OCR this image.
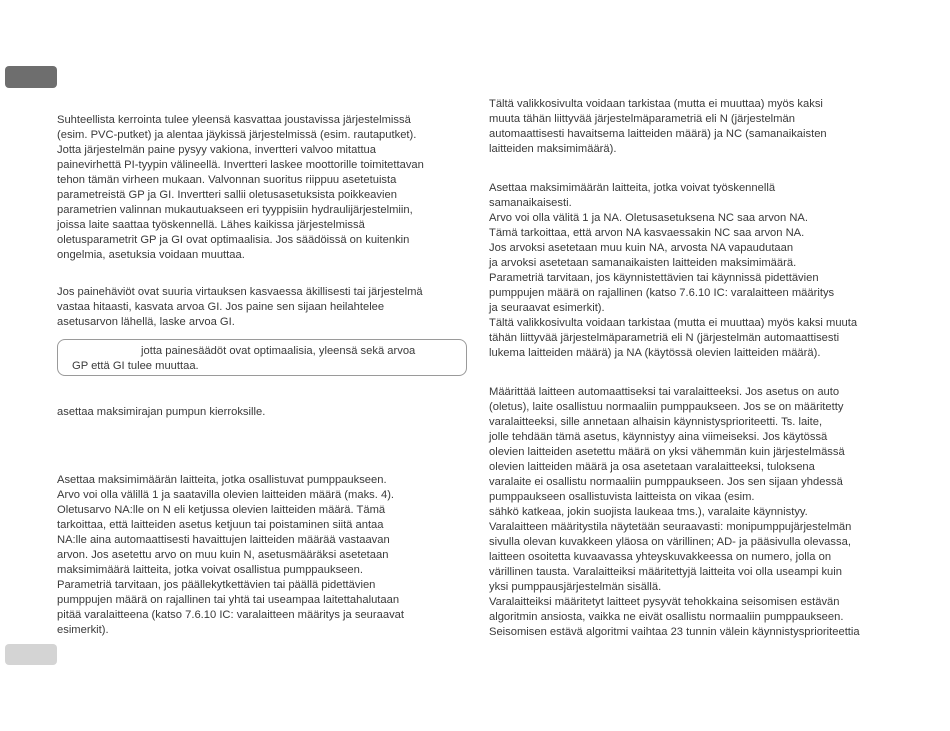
Suhteellista kerrointa tulee yleensä kasvattaa joustavissa järjestelmissä

(esim. PVC-putket) ja alentaa jäykissä järjestelmissä (esim. rautaputket).

Jotta järjestelmän paine pysyy vakiona, invertteri valvoo mitattua

painevirhettä PI-tyypin välineellä. Invertteri laskee moottorille toimitettavan

tehon tämän virheen mukaan. Valvonnan suoritus riippuu asetetuista

parametreistä GP ja GI. Invertteri sallii oletusasetuksista poikkeavien

parametrien valinnan mukautuakseen eri tyyppisiin hydraulijärjestelmiin,

joissa laite saattaa työskennellä. Lähes kaikissa järjestelmissä

oletusparametrit GP ja GI ovat optimaalisia. Jos säädöissä on kuitenkin

ongelmia, asetuksia voidaan muuttaa.

Jos painehäviöt ovat suuria virtauksen kasvaessa äkillisesti tai järjestelmä

vastaa hitaasti, kasvata arvoa GI. Jos paine sen sijaan heilahtelee

asetusarvon lähellä, laske arvoa GI.

jotta painesäädöt ovat optimaalisia, yleensä sekä arvoa
GP että GI tulee muuttaa.

asettaa maksimirajan pumpun kierroksille.

Asettaa maksimimäärän laitteita, jotka osallistuvat pumppaukseen.

Arvo voi olla välillä 1 ja saatavilla olevien laitteiden määrä (maks. 4).

Oletusarvo NA:lle on N eli ketjussa olevien laitteiden määrä. Tämä

tarkoittaa, että laitteiden asetus ketjuun tai poistaminen siitä antaa

NA:lle aina automaattisesti havaittujen laitteiden määrää vastaavan

arvon. Jos asetettu arvo on muu kuin N, asetusmääräksi asetetaan

maksimimäärä laitteita, jotka voivat osallistua pumppaukseen.

Parametriä tarvitaan, jos päällekytkettävien tai päällä pidettävien

pumppujen määrä on rajallinen tai yhtä tai useampaa laitettahalutaan

pitää varalaitteena (katso 7.6.10 IC: varalaitteen määritys ja seuraavat

esimerkit).

Tältä valikkosivulta voidaan tarkistaa (mutta ei muuttaa) myös kaksi

muuta tähän liittyvää järjestelmäparametriä eli N (järjestelmän

automaattisesti havaitsema laitteiden määrä) ja NC (samanaikaisten

laitteiden maksimimäärä).

Asettaa maksimimäärän laitteita, jotka voivat työskennellä

samanaikaisesti.

Arvo voi olla välitä 1 ja NA. Oletusasetuksena NC saa arvon NA.

Tämä tarkoittaa, että arvon NA kasvaessakin NC saa arvon NA.

Jos arvoksi asetetaan muu kuin NA, arvosta NA vapaudutaan

ja arvoksi asetetaan samanaikaisten laitteiden maksimimäärä.

Parametriä tarvitaan, jos käynnistettävien tai käynnissä pidettävien

pumppujen määrä on rajallinen (katso 7.6.10 IC: varalaitteen määritys

ja seuraavat esimerkit).

Tältä valikkosivulta voidaan tarkistaa (mutta ei muuttaa) myös kaksi muuta

tähän liittyvää järjestelmäparametriä eli N (järjestelmän automaattisesti

lukema laitteiden määrä) ja NA (käytössä olevien laitteiden määrä).

Määrittää laitteen automaattiseksi tai varalaitteeksi. Jos asetus on auto

(oletus), laite osallistuu normaaliin pumppaukseen. Jos se on määritetty

varalaitteeksi, sille annetaan alhaisin käynnistysprioriteetti. Ts. laite,

jolle tehdään tämä asetus, käynnistyy aina viimeiseksi. Jos käytössä

olevien laitteiden asetettu määrä on yksi vähemmän kuin järjestelmässä

olevien laitteiden määrä ja osa asetetaan varalaitteeksi, tuloksena

varalaite ei osallistu normaaliin pumppaukseen. Jos sen sijaan yhdessä

pumppaukseen osallistuvista laitteista on vikaa (esim.

sähkö katkeaa, jokin suojista laukeaa tms.), varalaite käynnistyy.

Varalaitteen määritystila näytetään seuraavasti: monipumppujärjestelmän

sivulla olevan kuvakkeen yläosa on värillinen; AD- ja pääsivulla olevassa,

laitteen osoitetta kuvaavassa yhteyskuvakkeessa on numero, jolla on

värillinen tausta. Varalaitteiksi määritettyjä laitteita voi olla useampi kuin

yksi pumppausjärjestelmän sisällä.

Varalaitteiksi määritetyt laitteet pysyvät tehokkaina seisomisen estävän

algoritmin ansiosta, vaikka ne eivät osallistu normaaliin pumppaukseen.

Seisomisen estävä algoritmi vaihtaa 23 tunnin välein käynnistysprioriteettia
